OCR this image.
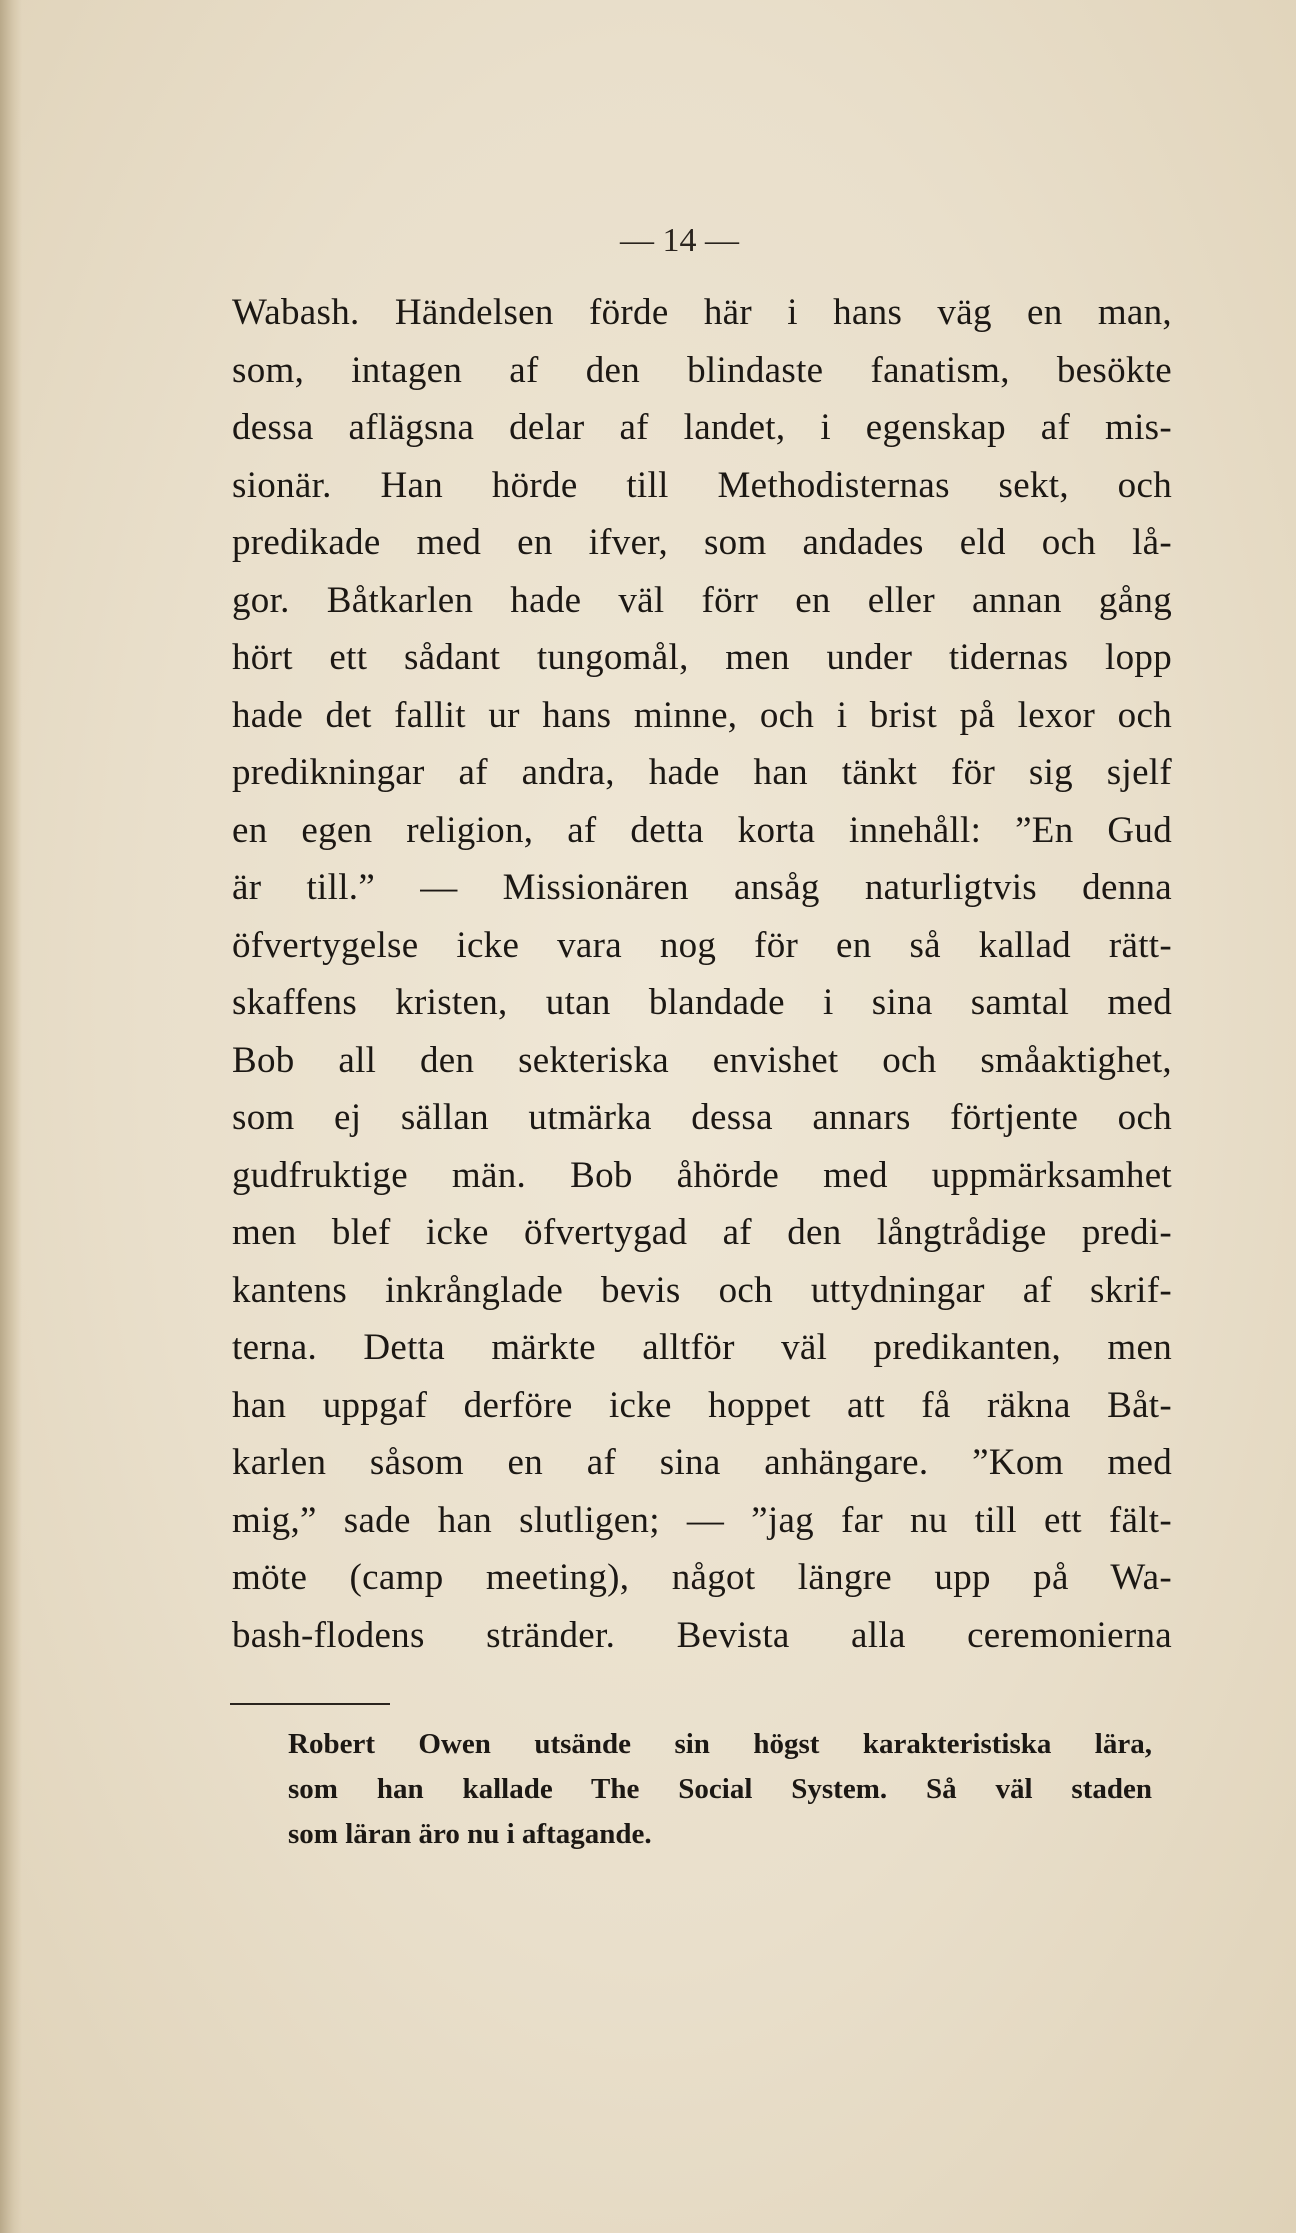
— 14 —
Wabash. Händelsen förde här i hans väg en man,
som, intagen af den blindaste fanatism, besökte
dessa aflägsna delar af landet, i egenskap af mis-
sionär. Han hörde till Methodisternas sekt, och
predikade med en ifver, som andades eld och lå-
gor. Båtkarlen hade väl förr en eller annan gång
hört ett sådant tungomål, men under tidernas lopp
hade det fallit ur hans minne, och i brist på lexor och
predikningar af andra, hade han tänkt för sig sjelf
en egen religion, af detta korta innehåll: ”En Gud
är till.” — Missionären ansåg naturligtvis denna
öfvertygelse icke vara nog för en så kallad rätt-
skaffens kristen, utan blandade i sina samtal med
Bob all den sekteriska envishet och småaktighet,
som ej sällan utmärka dessa annars förtjente och
gudfruktige män. Bob åhörde med uppmärksamhet
men blef icke öfvertygad af den långtrådige predi-
kantens inkrånglade bevis och uttydningar af skrif-
terna. Detta märkte alltför väl predikanten, men
han uppgaf derföre icke hoppet att få räkna Båt-
karlen såsom en af sina anhängare. ”Kom med
mig,” sade han slutligen; — ”jag far nu till ett fält-
möte (camp meeting), något längre upp på Wa-
bash-flodens stränder. Bevista alla ceremonierna
Robert Owen utsände sin högst karakteristiska lära,
som han kallade The Social System. Så väl staden
som läran äro nu i aftagande.
